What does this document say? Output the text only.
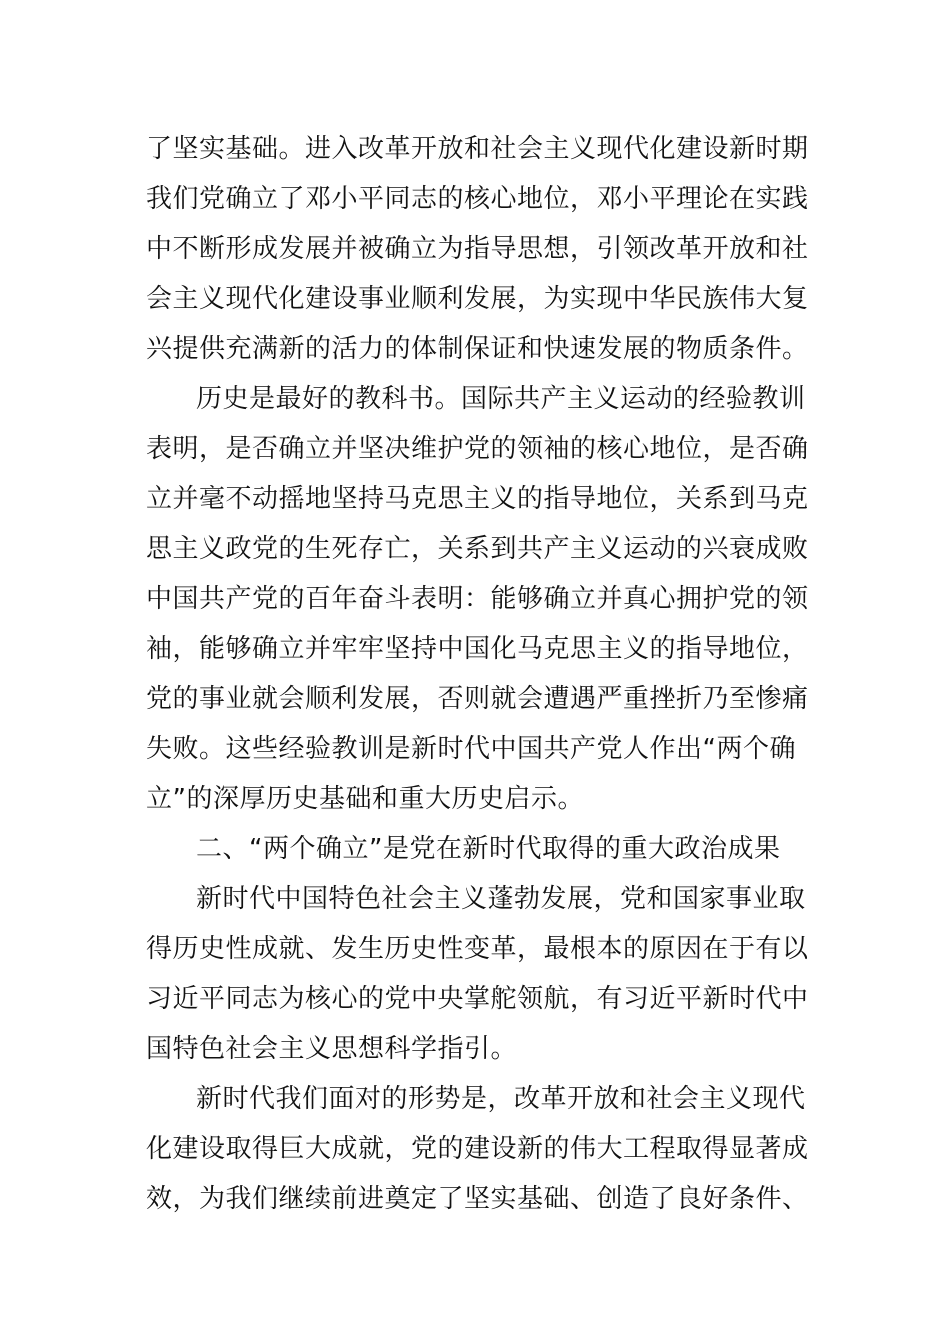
了坚实基础。进入改革开放和社会主义现代化建设新时期
我们党确立了邓小平同志的核心地位，邓小平理论在实践
中不断形成发展并被确立为指导思想，引领改革开放和社
会主义现代化建设事业顺利发展，为实现中华民族伟大复
兴提供充满新的活力的体制保证和快速发展的物质条件。
历史是最好的教科书。国际共产主义运动的经验教训
表明，是否确立并坚决维护党的领袖的核心地位，是否确
立并毫不动摇地坚持马克思主义的指导地位，关系到马克
思主义政党的生死存亡，关系到共产主义运动的兴衰成败
中国共产党的百年奋斗表明：能够确立并真心拥护党的领
袖，能够确立并牢牢坚持中国化马克思主义的指导地位，
党的事业就会顺利发展，否则就会遭遇严重挫折乃至惨痛
失败。这些经验教训是新时代中国共产党人作出“两个确
立”的深厚历史基础和重大历史启示。
二、“两个确立”是党在新时代取得的重大政治成果
新时代中国特色社会主义蓬勃发展，党和国家事业取
得历史性成就、发生历史性变革，最根本的原因在于有以
习近平同志为核心的党中央掌舵领航，有习近平新时代中
国特色社会主义思想科学指引。
新时代我们面对的形势是，改革开放和社会主义现代
化建设取得巨大成就，党的建设新的伟大工程取得显著成
效，为我们继续前进奠定了坚实基础、创造了良好条件、
